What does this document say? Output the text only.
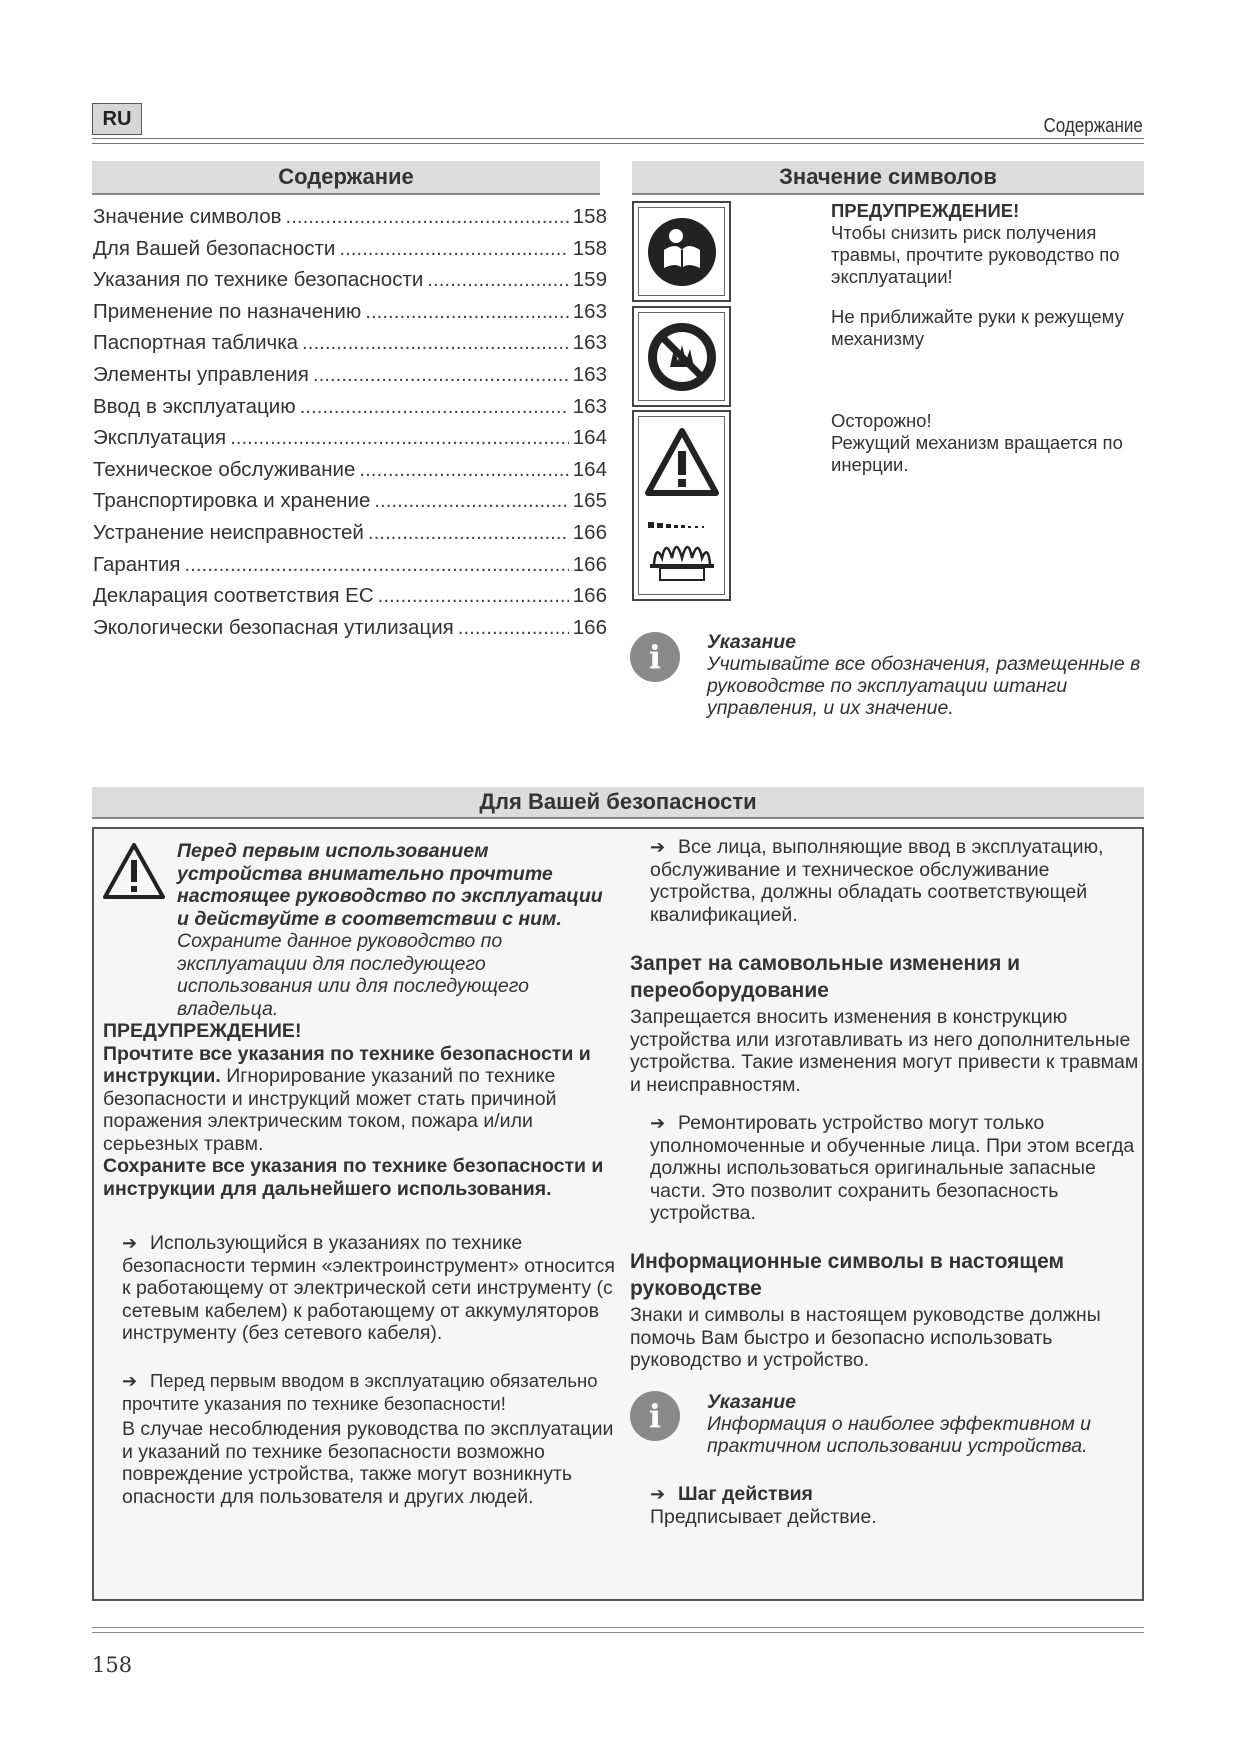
RU	Содержание
Содержание
Значение символов .....	158
Для Вашей безопасности .....	158
Указания по технике безопасности .....	159
Применение по назначению .....	163
Паспортная табличка .....	163
Элементы управления .....	163
Ввод в эксплуатацию .....	163
Эксплуатация .....	164
Техническое обслуживание .....	164
Транспортировка и хранение .....	165
Устранение неисправностей .....	166
Гарантия .....	166
Декларация соответствия ЕС .....	166
Экологически безопасная утилизация .....	166
Значение символов
ПРЕДУПРЕЖДЕНИЕ!
Чтобы снизить риск получения травмы, прочтите руководство по эксплуатации!
Не приближайте руки к режущему механизму
Осторожно!
Режущий механизм вращается по инерции.
i	Указание
Учитывайте все обозначения, размещенные в руководстве по эксплуатации штанги управления, и их значение.
Для Вашей безопасности
Перед первым использованием устройства внимательно прочтите настоящее руководство по эксплуатации и действуйте в соответствии с ним. Сохраните данное руководство по эксплуатации для последующего использования или для последующего владельца.
ПРЕДУПРЕЖДЕНИЕ!
Прочтите все указания по технике безопасности и инструкции. Игнорирование указаний по технике безопасности и инструкций может стать причиной поражения электрическим током, пожара и/или серьезных травм.
Сохраните все указания по технике безопасности и инструкции для дальнейшего использования.
➔ Использующийся в указаниях по технике безопасности термин «электроинструмент» относится к работающему от электрической сети инструменту (с сетевым кабелем) к работающему от аккумуляторов инструменту (без сетевого кабеля).
➔ Перед первым вводом в эксплуатацию обязательно прочтите указания по технике безопасности!
В случае несоблюдения руководства по эксплуатации и указаний по технике безопасности возможно повреждение устройства, также могут возникнуть опасности для пользователя и других людей.
➔ Все лица, выполняющие ввод в эксплуатацию, обслуживание и техническое обслуживание устройства, должны обладать соответствующей квалификацией.
Запрет на самовольные изменения и переоборудование
Запрещается вносить изменения в конструкцию устройства или изготавливать из него дополнительные устройства. Такие изменения могут привести к травмам и неисправностям.
➔ Ремонтировать устройство могут только уполномоченные и обученные лица. При этом всегда должны использоваться оригинальные запасные части. Это позволит сохранить безопасность устройства.
Информационные символы в настоящем руководстве
Знаки и символы в настоящем руководстве должны помочь Вам быстро и безопасно использовать руководство и устройство.
i	Указание
Информация о наиболее эффективном и практичном использовании устройства.
➔ Шаг действия
Предписывает действие.
158
